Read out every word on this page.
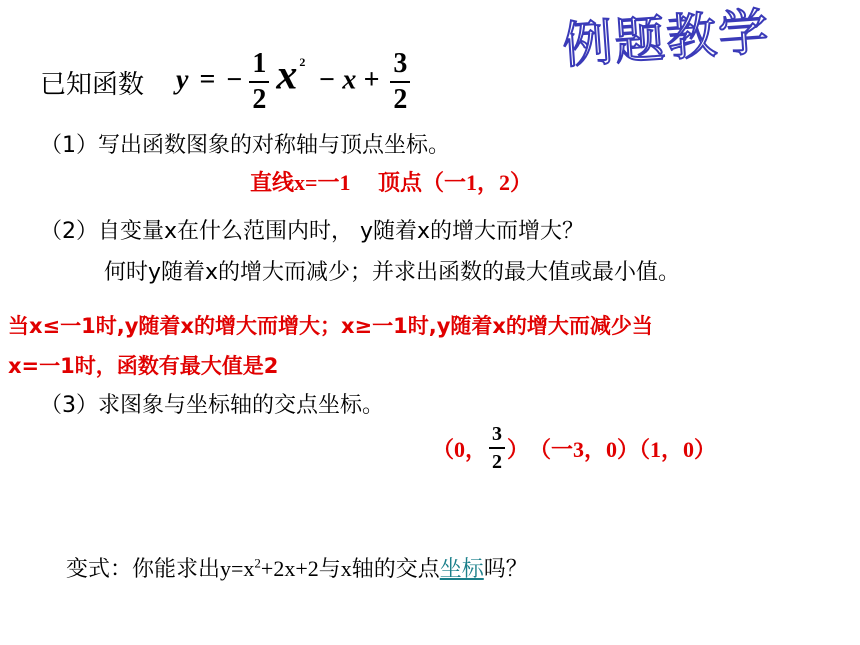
例题教学
已知函数 y = − $\frac{1}{2}$ x $^2 - x + \frac{3}{2}$
（1）写出函数图象的对称轴与顶点坐标。
直线x=一1　 顶点（一1，2）
（2）自变量x在什么范围内时， y随着x的增大而增大？
何时y随着x的增大而减少；并求出函数的最大值或最小值。
当x≤一1时,y随着x的增大而增大；x≥一1时,y随着x的增大而减少当
x=一1时，函数有最大值是2
（3）求图象与坐标轴的交点坐标。
（0， $\frac{3}{2}$ ） （一3，0）（1，0）
变式：你能求出$y=x^2+2x+2$与x轴的交点坐标吗？
